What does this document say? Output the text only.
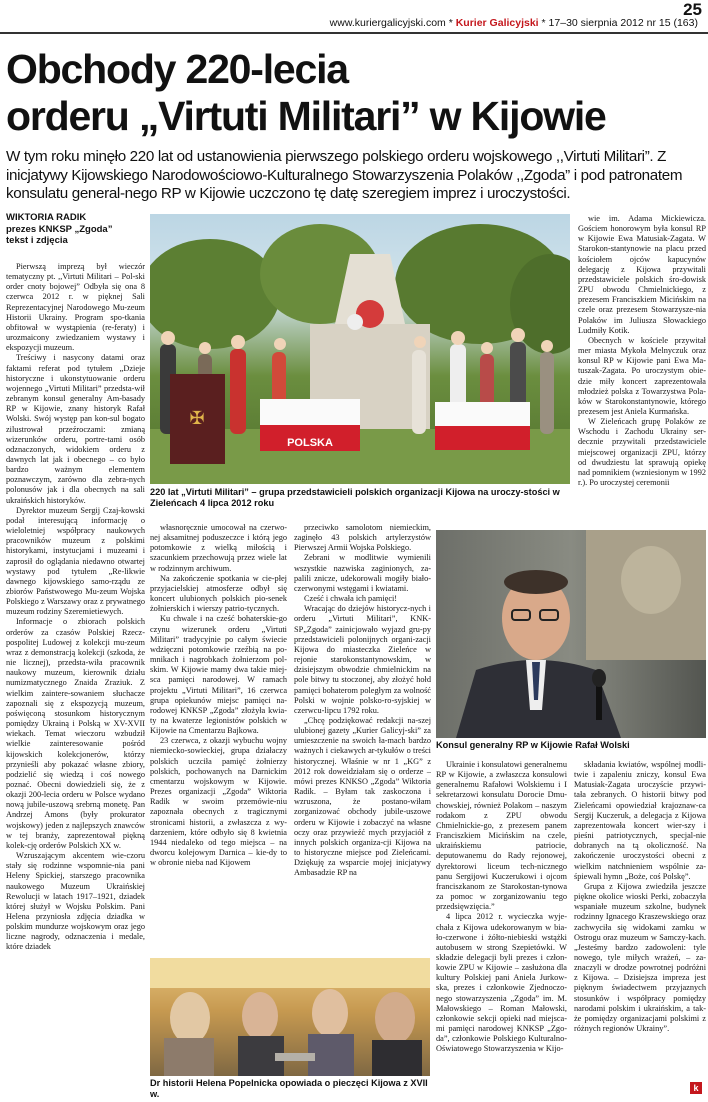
25
www.kuriergalicyjski.com * Kurier Galicyjski * 17–30 sierpnia 2012 nr 15 (163)
Obchody 220-lecia
orderu „Virtuti Militari” w Kijowie

W tym roku minęło 220 lat od ustanowienia pierwszego polskiego orderu wojskowego ,,Virtuti Militari”. Z inicjatywy Kijowskiego Narodowościowo-Kulturalnego Stowarzyszenia Polaków ,,Zgoda” i pod patronatem konsulatu general-nego RP w Kijowie uczczono tę datę szeregiem imprez i uroczystości.

WIKTORIA RADIK
prezes KNKSP „Zgoda”
tekst i zdjęcia

Pierwszą imprezą był wieczór tematyczny pt. ,,Virtuti Militari – Pol-ski order cnoty bojowej” Odbyła się ona 8 czerwca 2012 r. w pięknej Sali Reprezentacyjnej Narodowego Mu-zeum Historii Ukrainy. Program spo-tkania obfitował w wystąpienia (re-feraty) i urozmaicony zwiedzaniem wystawy i ekspozycji muzeum.

Treściwy i nasycony datami oraz faktami referat pod tytułem „Dzieje historyczne i ukonstytuowanie orderu wojennego „Virtuti Militari” przedsta-wił zebranym konsul generalny Am-basady RP w Kijowie, znany historyk Rafał Wolski. Swój występ pan kon-sul bogato zilustrował przeźroczami: zmianą wizerunków orderu, portre-tami osób odznaczonych, widokiem orderu z dawnych lat jak i obecnego – co było bardzo ważnym elementem poznawczym, zarówno dla zebra-nych polonusów jak i dla obecnych na sali ukraińskich historyków.

Dyrektor muzeum Sergij Czaj-kowski podał interesującą informację o wieloletniej współpracy naukowych pracowników muzeum z polskimi historykami, instytucjami i muzeami i zaprosił do oglądania niedawno otwartej wystawy pod tytułem „Re-likwie dawnego kijowskiego samo-rządu ze zbiorów Państwowego Mu-zeum Wojska Polskiego z Warszawy oraz z prywatnego muzeum rodziny Szeremietiewych.

Informacje o zbiorach polskich orderów za czasów Polskiej Rzecz-pospolitej Ludowej z kolekcji mu-zeum wraz z demonstracją kolekcji (szkoda, że nie licznej), przedsta-wiła pracownik naukowy muzeum, kierownik działu numizmatycznego Znaida Zraziuk. Z wielkim zaintere-sowaniem słuchacze zapoznali się z ekspozycją muzeum, poświęconą stosunkom historycznym pomiędzy Ukrainą i Polską w XV-XVII wiekach. Temat wieczoru wzbudził wielkie zainteresowanie pośród kijowskich kolekcjonerów, którzy przynieśli aby pokazać własne zbiory, podzielić się wiedzą i coś nowego poznać. Obecni dowiedzieli się, że z okazji 200-lecia orderu w Polsce wydano nową jubile-uszową srebrną monetę. Pan Andrzej Amons (były prokurator wojskowy) jeden z najlepszych znawców w tej branży, zaprezentował piękną kolek-cję orderów Polskich XX w.

Wzruszającym akcentem wie-czoru stały się rodzinne wspomnie-nia pani Heleny Spickiej, starszego pracownika naukowego Muzeum Ukraińskiej Rewolucji w latach 1917–1921, dziadek której służył w Wojsku Polskim. Pani Helena przyniosła zdjęcia dziadka w polskim mundurze wojskowym oraz jego liczne nagrody, odznaczenia i medale, które dziadek

własnoręcznie umocował na czerwo-nej aksamitnej poduszeczce i którą jego potomkowie z wielką miłością i szacunkiem przechowują przez wiele lat w rodzinnym archiwum.

Na zakończenie spotkania w cie-płej przyjacielskiej atmosferze odbył się koncert ulubionych polskich pio-senek żołnierskich i wierszy patrio-tycznych.

Ku chwale i na cześć bohaterskie-go czynu wizerunek orderu „Virtuti Militari” tradycyjnie po całym świecie wdzięczni potomkowie rzeźbią na po-mnikach i nagrobkach żołnierzom pol-skim. W Kijowie mamy dwa takie miej-sca pamięci narodowej. W ramach projektu „Virtuti Militari”, 16 czerwca grupa opiekunów miejsc pamięci na-rodowej KNKSP „Zgoda” złożyła kwia-ty na kwaterze legionistów polskich w Kijowie na Cmentarzu Bajkowa.

23 czerwca, z okazji wybuchu wojny niemiecko-sowieckiej, grupa działaczy polskich uczciła pamięć żołnierzy polskich, pochowanych na Darnickim cmentarzu wojskowym w Kijowie. Prezes organizacji „Zgoda” Wiktoria Radik w swoim przemówie-niu zapoznała obecnych z tragicznymi stronicami historii, a zwłaszcza z wy-darzeniem, które odbyło się 8 kwietnia 1944 niedaleko od tego miejsca – na dworcu kolejowym Darnica – kie-dy to w obronie nieba nad Kijowem

przeciwko samolotom niemieckim, zaginęło 43 polskich artylerzystów Pierwszej Armii Wojska Polskiego.

Zebrani w modlitwie wymienili wszystkie nazwiska zaginionych, za-palili znicze, udekorowali mogiły biało-czerwonymi wstęgami i kwiatami.

Cześć i chwała ich pamięci!

Wracając do dziejów historycz-nych i orderu „Virtuti Militari”, KNK-SP„Zgoda” zainicjowało wyjazd gru-py przedstawicieli polonijnych organi-zacji Kijowa do miasteczka Zieleńce w rejonie starokonstantynowskim, w dzisiejszym obwodzie chmielnickim na pole bitwy tu stoczonej, aby złożyć hołd pamięci bohaterom poległym za wolność Polski w wojnie polsko-ro-syjskiej w czerwcu-lipcu 1792 roku.

„Chcę podziękować redakcji na-szej ulubionej gazety „Kurier Galicyj-ski” za umieszczenie na swoich ła-mach bardzo ważnych i ciekawych ar-tykułów o treści historycznej. Właśnie w nr 1 „KG” z 2012 rok doweidziałam się o orderze – mówi prezes KNKSO „Zgoda” Wiktoria Radik. – Byłam tak zaskoczona i wzruszona, że postano-wiłam zorganizować obchody jubile-uszowe orderu w Kijowie i zobaczyć na własne oczy oraz przywieźć mych przyjaciół z innych polskich organiza-cji Kijowa na to historyczne miejsce pod Zieleńcami. Dziękuję za wsparcie mojej inicjatywy Ambasadzie RP na

wie im. Adama Mickiewicza. Gościem honorowym była konsul RP w Kijowie Ewa Matusiak-Zagata. W Starokon-stantynowie na placu przed kościołem ojców kapucynów delegację z Kijowa przywitali przedstawiciele polskich śro-dowisk ZPU obwodu Chmielnickiego, z prezesem Franciszkiem Micińskim na czele oraz prezesem Stowarzysze-nia Polaków im Juliusza Słowackiego Ludmiły Kotik.

Obecnych w kościele przywitał mer miasta Mykoła Melnyczuk oraz konsul RP w Kijowie pani Ewa Ma-tuszak-Zagata. Po uroczystym obie-dzie miły koncert zaprezentowała młodzież polska z Towarzystwa Pola-ków w Starokonstantynowie, którego prezesem jest Aniela Kurmańska.

W Zieleńcach grupę Polaków ze Wschodu i Zachodu Ukrainy ser-decznie przywitali przedstawiciele miejscowej organizacji ZPU, którzy od dwudziestu lat sprawują opiekę nad pomnikiem (wzniesionym w 1992 r.). Po uroczystej ceremonii

Ukrainie i konsulatowi generalnemu RP w Kijowie, a zwłaszcza konsulowi generalnemu Rafałowi Wolskiemu i I sekretarzowi konsulatu Dorocie Dmu-chowskiej, również Polakom – naszym rodakom z ZPU obwodu Chmielnickie-go, z prezesem panem Franciszkiem Micińskim na czele, ukraińskiemu patriocie, deputowanemu do Rady rejonowej, dyrektorowi liceum tech-nicznego panu Sergijowi Kuczerukowi i ojcom franciszkanom ze Starokostan-tynowa za pomoc w zorganizowaniu tego przedsięwzięcia.”

4 lipca 2012 r. wycieczka wyje-chała z Kijowa udekorowanym w bia-ło-czerwone i żółto-niebieski wstążki autobusem w strong Szepietówki. W składzie delegacji byli prezes i człon-kowie ZPU w Kijowie – zasłużona dla kultury Polskiej pani Aniela Jurkow-ska, prezes i członkowie Zjednoczo-nego stowarzyszenia „Zgoda” im. M. Małowskiego – Roman Małowski, członkowie sekcji opieki nad miejsca-mi pamięci narodowej KNKSP „Zgo-da”, członkowie Polskiego Kulturalno-Oświatowego Stowarzyszenia w Kijo-

składania kwiatów, wspólnej modli-twie i zapaleniu zniczy, konsul Ewa Matusiak-Zagata uroczyście przywi-tała zebranych. O historii bitwy pod Zieleńcami opowiedział krajoznaw-ca Sergij Kuczeruk, a delegacja z Kijowa zaprezentowała koncert wier-szy i pieśni patriotycznych, specjal-nie dobranych na tą okoliczność. Na zakończenie uroczystości obecni z wielkim natchnieniem wspólnie za-śpiewali hymn „Boże, coś Polskę”.

Grupa z Kijowa zwiedziła jeszcze piękne okolice wioski Perki, zobaczyła wspaniałe muzeum szkolne, budynek rodzinny Ignacego Kraszewskiego oraz zachwyciła się widokami zamku w Ostrogu oraz muzeum w Samczy-kach. „Jesteśmy bardzo zadowoleni: tyle nowego, tyle miłych wrażeń, – za-znaczyli w drodze powrotnej podróżni z Kijowa. – Dzisiejsza impreza jest pięknym świadectwem przyjaznych stosunków i współpracy pomiędzy narodami polskim i ukraińskim, a tak-że pomiędzy organizacjami polskimi z różnych regionów Ukrainy”.

✠
POLSKA
220 lat „Virtuti Militari” – grupa przedstawicieli polskich organizacji Kijowa na uroczy-stości w Zieleńcach 4 lipca 2012 roku
Konsul generalny RP w Kijowie Rafał Wolski
Dr historii Helena Popelnicka opowiada o pieczęci Kijowa z XVII w.
k
